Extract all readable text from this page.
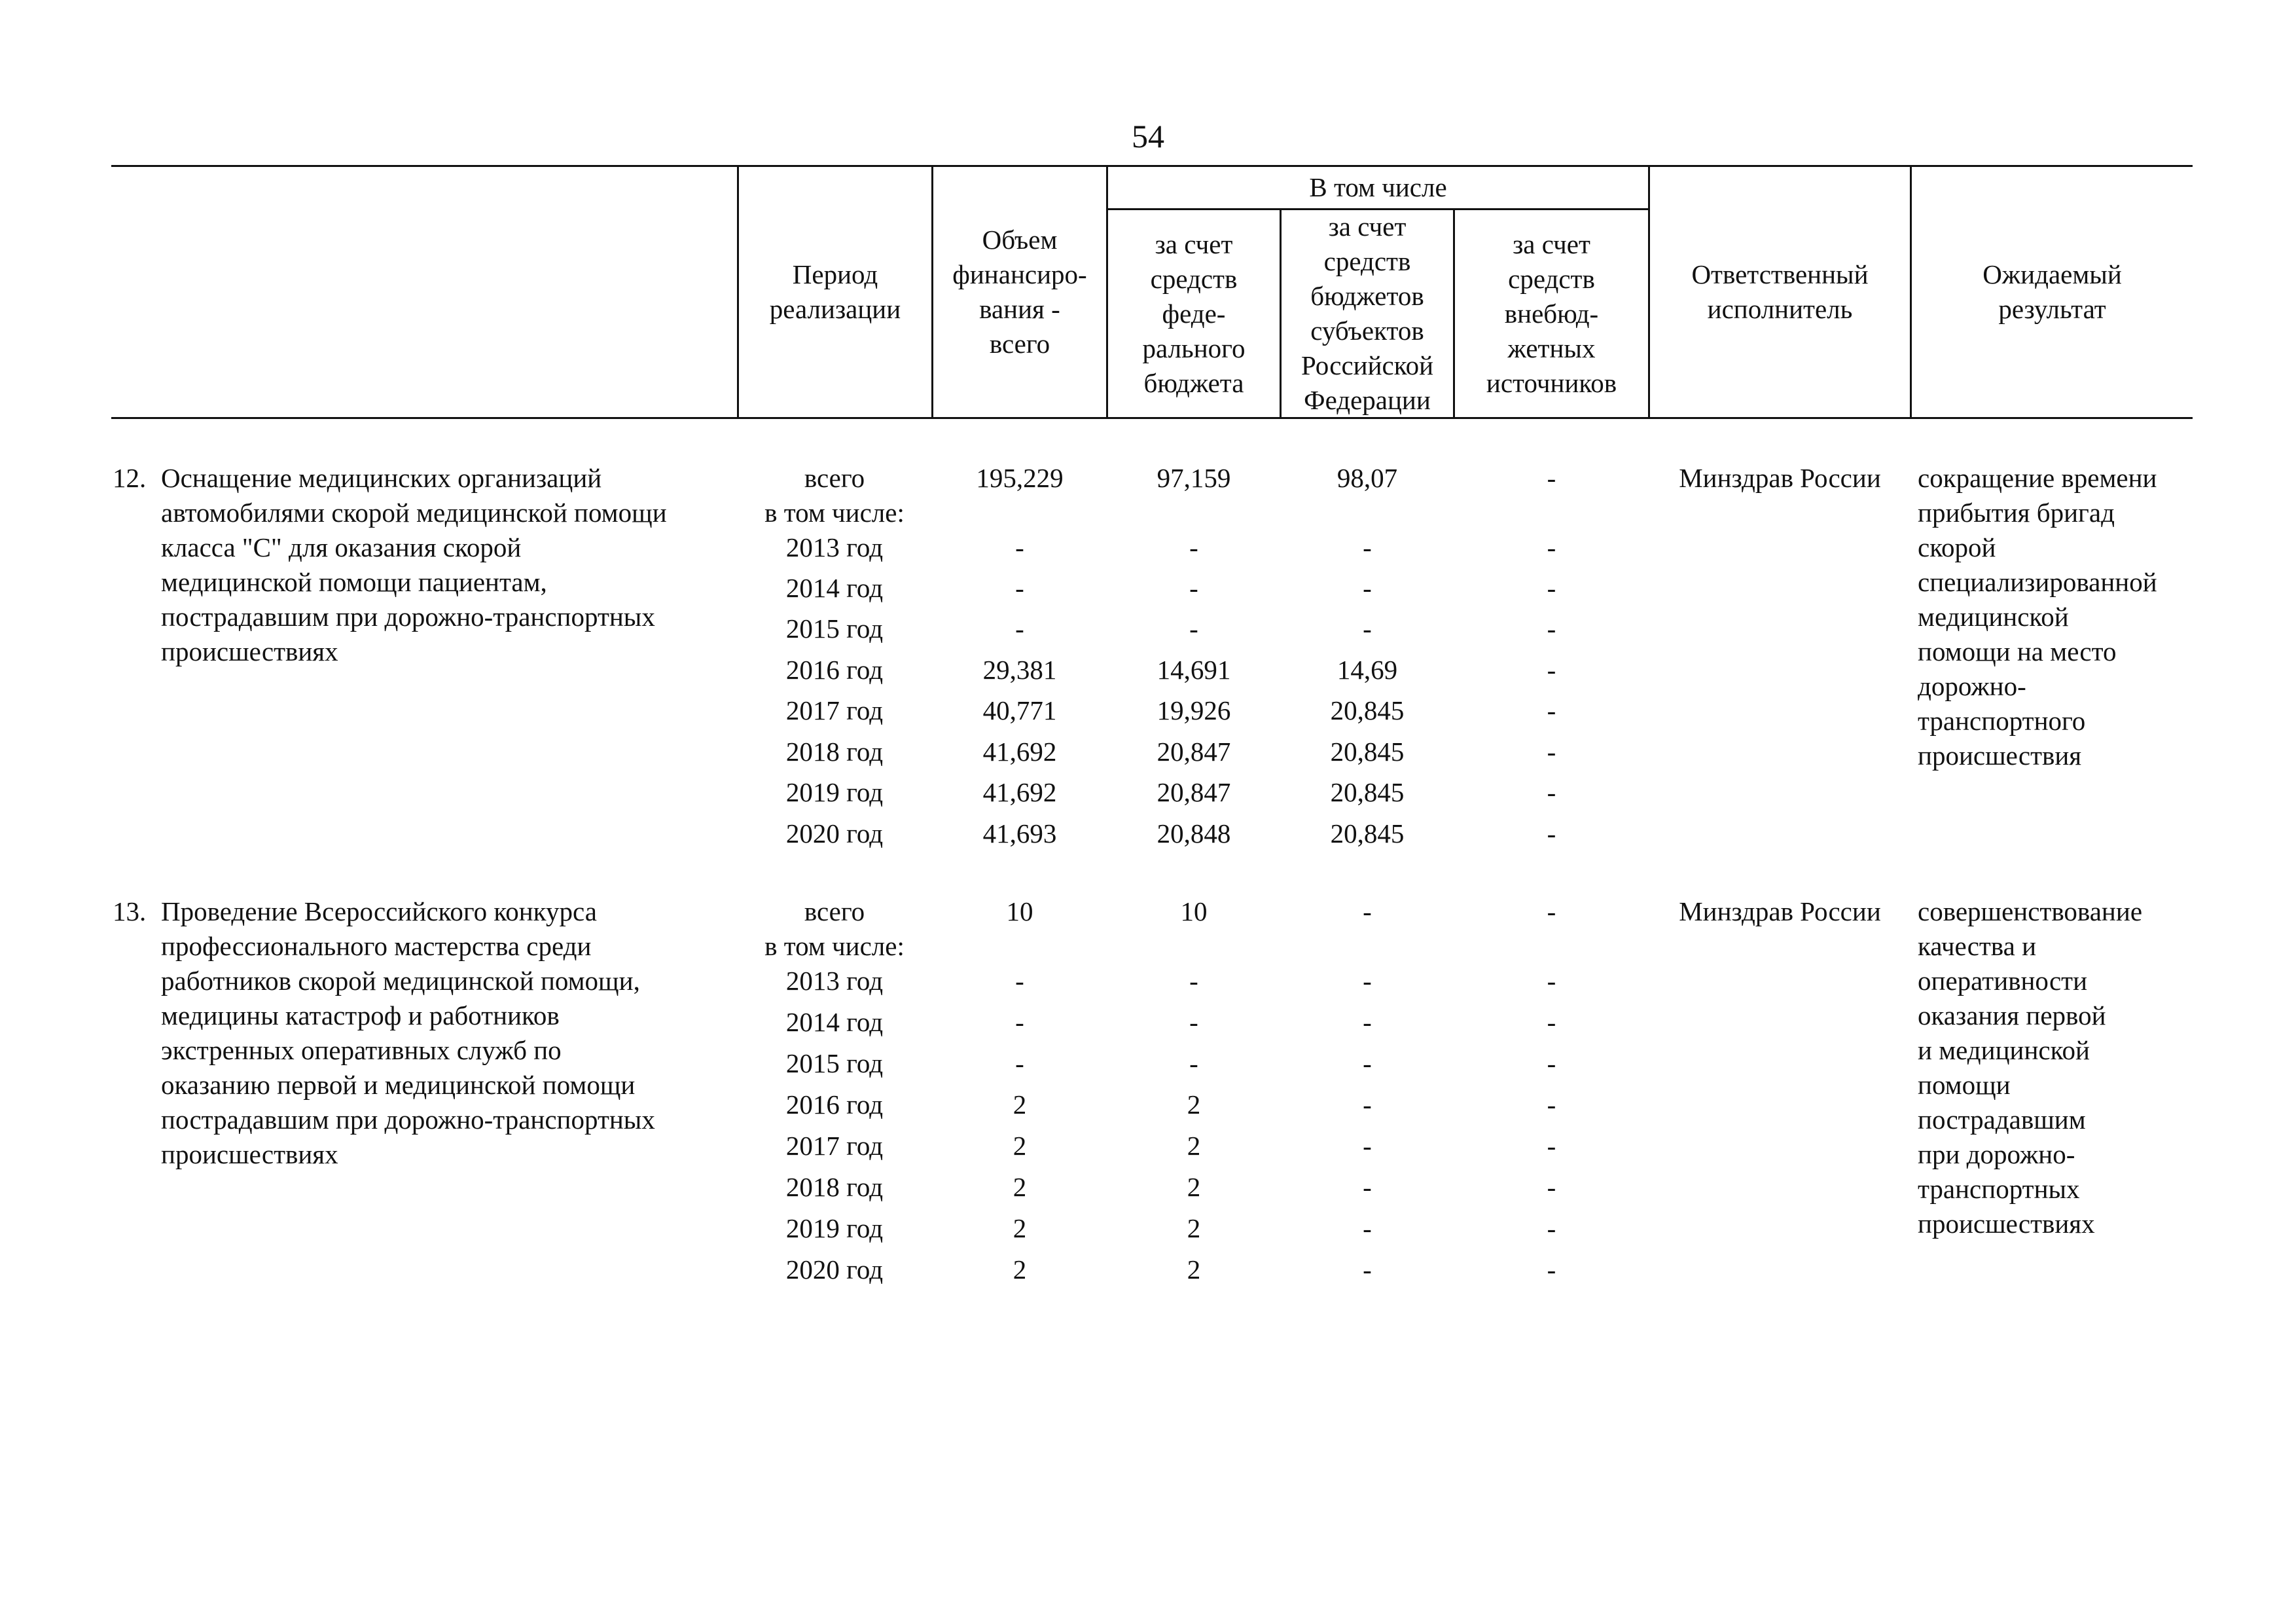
54
Период
реализации
Объем
финансиро-
вания -
всего
В том числе
за счет
средств
феде-
рального
бюджета
за счет
средств
бюджетов
субъектов
Российской
Федерации
за счет
средств
внебюд-
жетных
источников
Ответственный
исполнитель
Ожидаемый
результат
12. Оснащение медицинских организаций
автомобилями скорой медицинской помощи
класса "С" для оказания скорой
медицинской помощи пациентам,
пострадавшим при дорожно-транспортных
происшествиях
всего
в том числе:
2013 год
2014 год
2015 год
2016 год
2017 год
2018 год
2019 год
2020 год
195,229
-
-
-
29,381
40,771
41,692
41,692
41,693
97,159
-
-
-
14,691
19,926
20,847
20,847
20,848
98,07
-
-
-
14,69
20,845
20,845
20,845
20,845
-
-
-
-
-
-
-
-
-
Минздрав России	сокращение времени
прибытия бригад
скорой
специализированной
медицинской
помощи на место
дорожно-
транспортного
происшествия
13. Проведение Всероссийского конкурса
профессионального мастерства среди
работников скорой медицинской помощи,
медицины катастроф и работников
экстренных оперативных служб по
оказанию первой и медицинской помощи
пострадавшим при дорожно-транспортных
происшествиях
всего
в том числе:
2013 год
2014 год
2015 год
2016 год
2017 год
2018 год
2019 год
2020 год
10
-
-
-
2
2
2
2
2
10
-
-
-
2
2
2
2
2
-
-
-
-
-
-
-
-
-
-
-
-
-
-
-
-
-
-
Минздрав России	совершенствование
качества и
оперативности
оказания первой
и медицинской
помощи
пострадавшим
при дорожно-
транспортных
происшествиях
